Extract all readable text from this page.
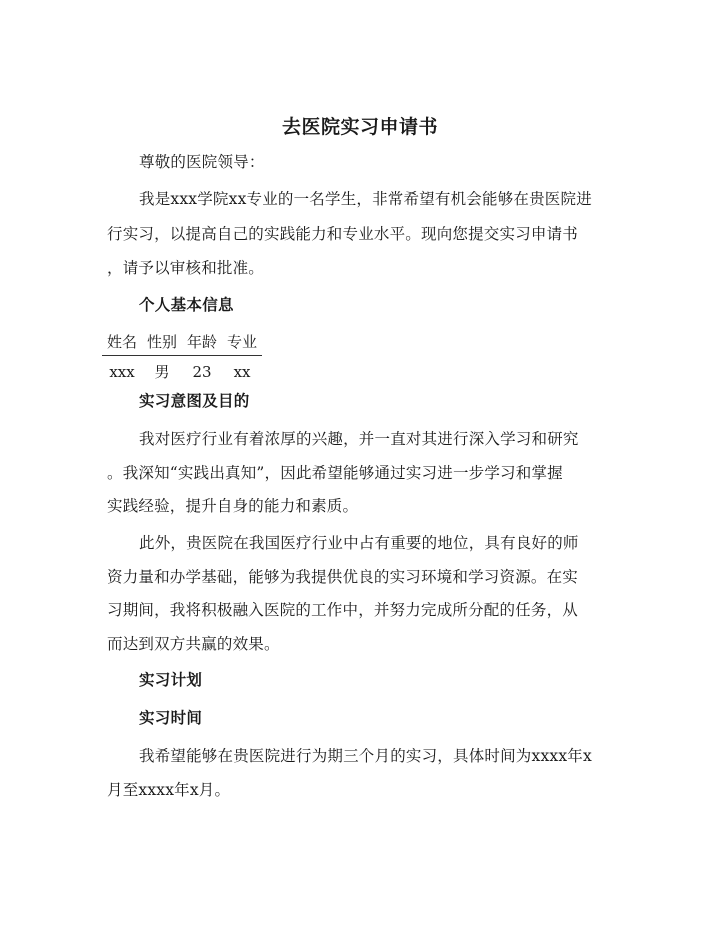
去医院实习申请书

尊敬的医院领导：

我是xxx学院xx专业的一名学生，非常希望有机会能够在贵医院进

行实习，以提高自己的实践能力和专业水平。现向您提交实习申请书

，请予以审核和批准。

个人基本信息

姓名	性别	年龄	专业
xxx	男	23	xx

实习意图及目的

我对医疗行业有着浓厚的兴趣，并一直对其进行深入学习和研究

。我深知“实践出真知”，因此希望能够通过实习进一步学习和掌握

实践经验，提升自身的能力和素质。

此外，贵医院在我国医疗行业中占有重要的地位，具有良好的师

资力量和办学基础，能够为我提供优良的实习环境和学习资源。在实

习期间，我将积极融入医院的工作中，并努力完成所分配的任务，从

而达到双方共赢的效果。

实习计划

实习时间

我希望能够在贵医院进行为期三个月的实习，具体时间为xxxx年x

月至xxxx年x月。
